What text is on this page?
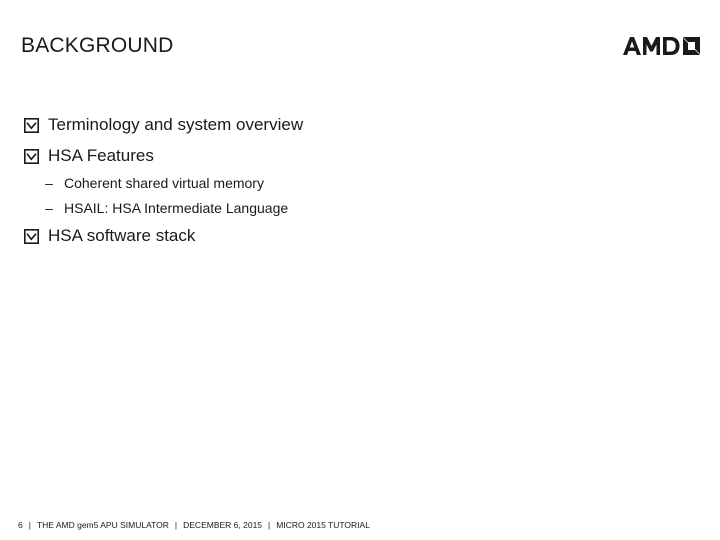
BACKGROUND
Terminology and system overview
HSA Features
– Coherent shared virtual memory
– HSAIL: HSA Intermediate Language
HSA software stack
6 | THE AMD gem5 APU SIMULATOR | DECEMBER 6, 2015 | MICRO 2015 TUTORIAL
